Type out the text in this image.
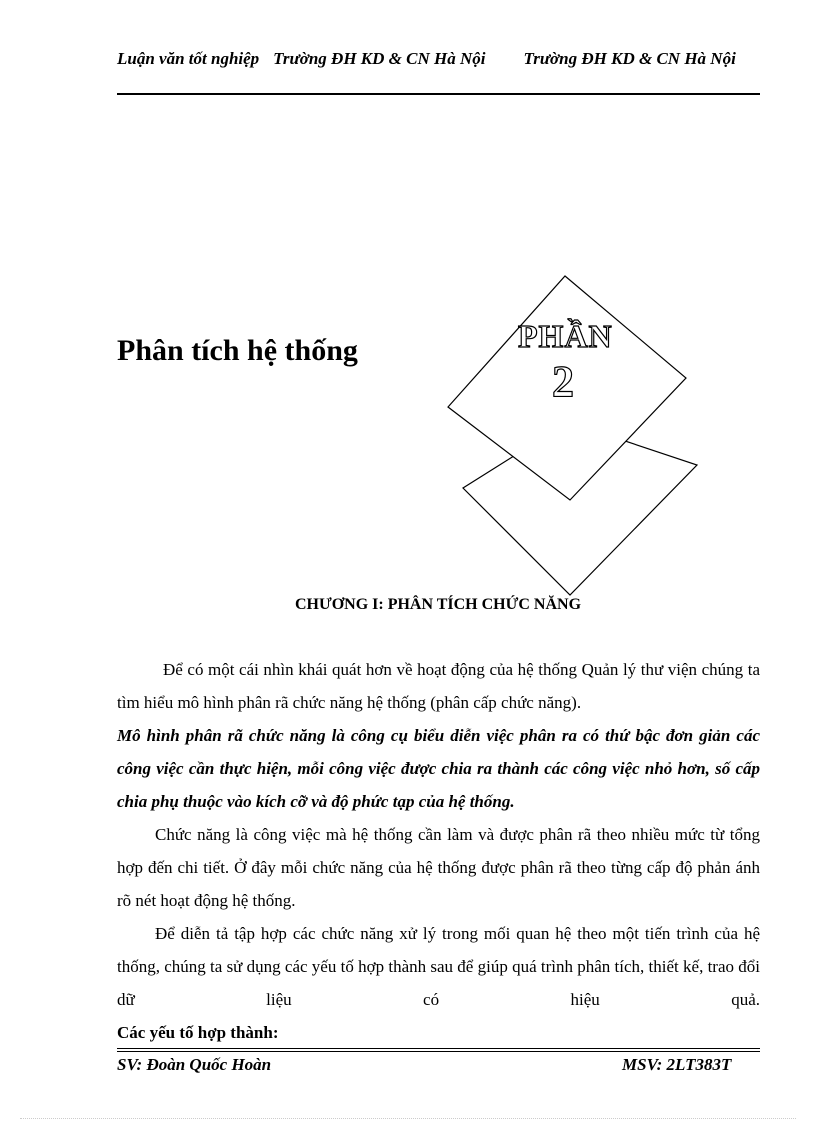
Luận văn tốt nghiệp Trường ĐH KD & CN Hà Nội Trường ĐH KD & CN Hà Nội
Phân tích hệ thống	PHẦN
2
CHƯƠNG I: PHÂN TÍCH CHỨC NĂNG

Để có một cái nhìn khái quát hơn về hoạt động của hệ thống Quản lý thư viện chúng ta tìm hiểu mô hình phân rã chức năng hệ thống (phân cấp chức năng).

Mô hình phân rã chức năng là công cụ biểu diễn việc phân ra có thứ bậc đơn giản các công việc cần thực hiện, mỗi công việc được chia ra thành các công việc nhỏ hơn, số cấp chia phụ thuộc vào kích cỡ và độ phức tạp của hệ thống.

Chức năng là công việc mà hệ thống cần làm và được phân rã theo nhiều mức từ tổng hợp đến chi tiết. Ở đây mỗi chức năng của hệ thống được phân rã theo từng cấp độ phản ánh rõ nét hoạt động hệ thống.

Để diễn tả tập hợp các chức năng xử lý trong mối quan hệ theo một tiến trình của hệ thống, chúng ta sử dụng các yếu tố hợp thành sau để giúp quá trình phân tích, thiết kế, trao đổi dữ liệu có hiệu quả.

Các yếu tố hợp thành:

SV: Đoàn Quốc Hoàn	MSV: 2LT383T
